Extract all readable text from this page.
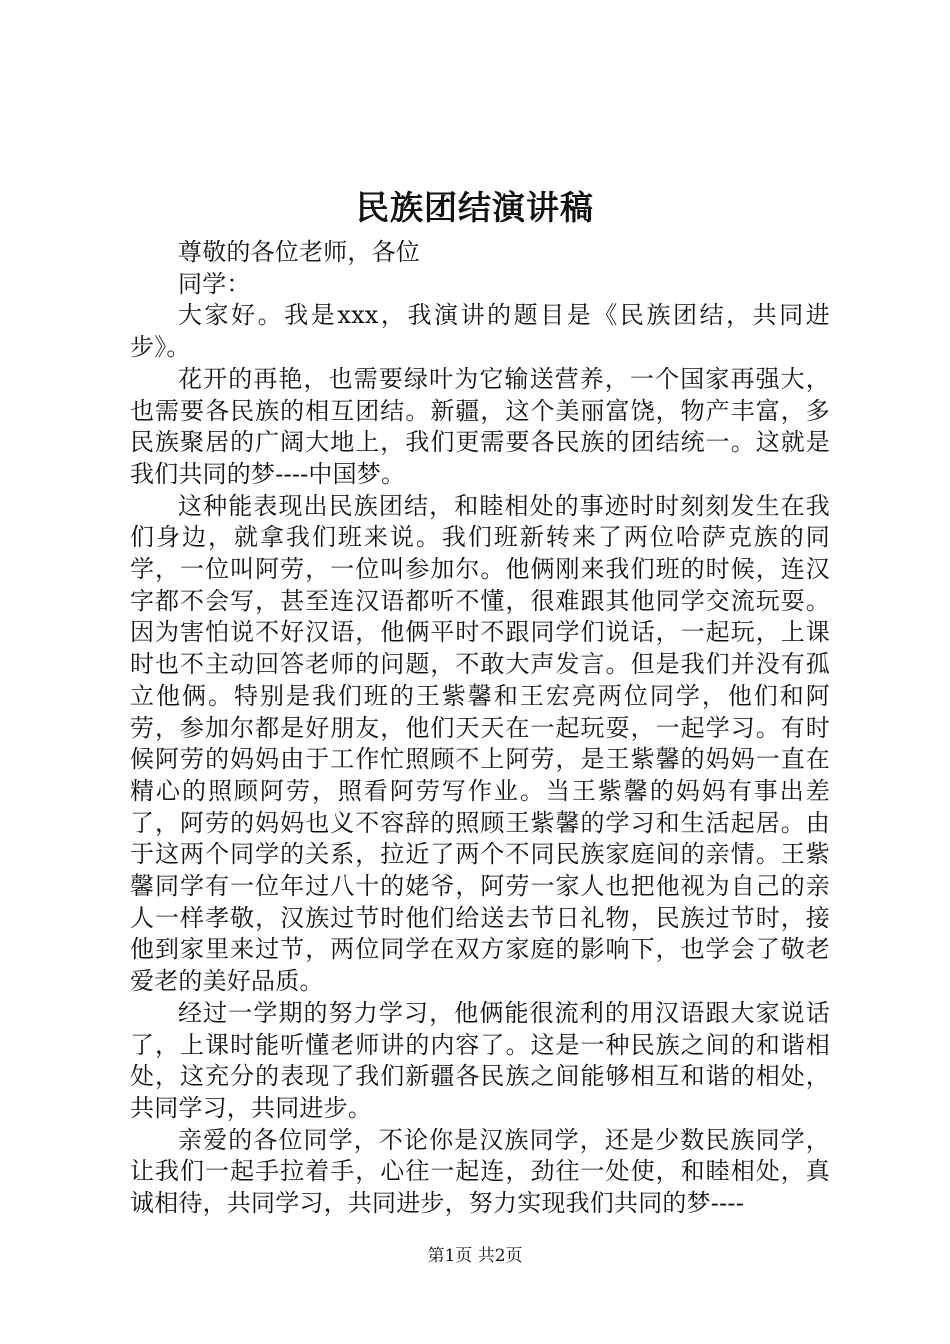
民族团结演讲稿

尊敬的各位老师，各位

同学：

大家好。我是xxx，我演讲的题目是《民族团结，共同进步》。

花开的再艳，也需要绿叶为它输送营养，一个国家再强大，也需要各民族的相互团结。新疆，这个美丽富饶，物产丰富，多民族聚居的广阔大地上，我们更需要各民族的团结统一。这就是我们共同的梦----中国梦。

这种能表现出民族团结，和睦相处的事迹时时刻刻发生在我们身边，就拿我们班来说。我们班新转来了两位哈萨克族的同学，一位叫阿劳，一位叫参加尔。他俩刚来我们班的时候，连汉字都不会写，甚至连汉语都听不懂，很难跟其他同学交流玩耍。因为害怕说不好汉语，他俩平时不跟同学们说话，一起玩，上课时也不主动回答老师的问题，不敢大声发言。但是我们并没有孤立他俩。特别是我们班的王紫馨和王宏亮两位同学，他们和阿劳，参加尔都是好朋友，他们天天在一起玩耍，一起学习。有时候阿劳的妈妈由于工作忙照顾不上阿劳，是王紫馨的妈妈一直在精心的照顾阿劳，照看阿劳写作业。当王紫馨的妈妈有事出差了，阿劳的妈妈也义不容辞的照顾王紫馨的学习和生活起居。由于这两个同学的关系，拉近了两个不同民族家庭间的亲情。王紫馨同学有一位年过八十的姥爷，阿劳一家人也把他视为自己的亲人一样孝敬，汉族过节时他们给送去节日礼物，民族过节时，接他到家里来过节，两位同学在双方家庭的影响下，也学会了敬老爱老的美好品质。

经过一学期的努力学习，他俩能很流利的用汉语跟大家说话了，上课时能听懂老师讲的内容了。这是一种民族之间的和谐相处，这充分的表现了我们新疆各民族之间能够相互和谐的相处，共同学习，共同进步。

亲爱的各位同学，不论你是汉族同学，还是少数民族同学，让我们一起手拉着手，心往一起连，劲往一处使，和睦相处，真诚相待，共同学习，共同进步，努力实现我们共同的梦----

第1页 共2页
